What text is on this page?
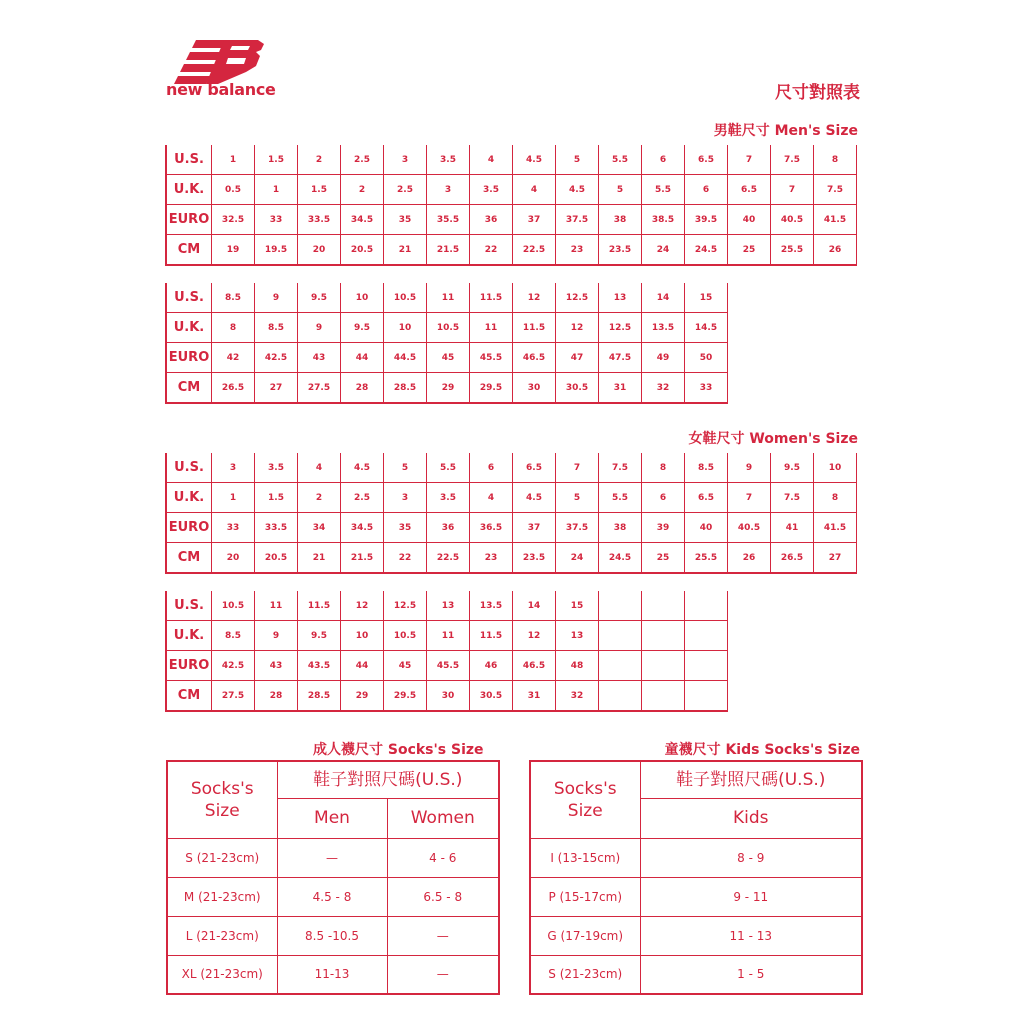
new balance	尺寸對照表
男鞋尺寸 Men's Size
U.S.	1	1.5	2	2.5	3	3.5	4	4.5	5	5.5	6	6.5	7	7.5	8
U.K.	0.5	1	1.5	2	2.5	3	3.5	4	4.5	5	5.5	6	6.5	7	7.5
EURO	32.5	33	33.5	34.5	35	35.5	36	37	37.5	38	38.5	39.5	40	40.5	41.5
CM	19	19.5	20	20.5	21	21.5	22	22.5	23	23.5	24	24.5	25	25.5	26
U.S.	8.5	9	9.5	10	10.5	11	11.5	12	12.5	13	14	15
U.K.	8	8.5	9	9.5	10	10.5	11	11.5	12	12.5	13.5	14.5
EURO	42	42.5	43	44	44.5	45	45.5	46.5	47	47.5	49	50
CM	26.5	27	27.5	28	28.5	29	29.5	30	30.5	31	32	33
女鞋尺寸 Women's Size
U.S.	3	3.5	4	4.5	5	5.5	6	6.5	7	7.5	8	8.5	9	9.5	10
U.K.	1	1.5	2	2.5	3	3.5	4	4.5	5	5.5	6	6.5	7	7.5	8
EURO	33	33.5	34	34.5	35	36	36.5	37	37.5	38	39	40	40.5	41	41.5
CM	20	20.5	21	21.5	22	22.5	23	23.5	24	24.5	25	25.5	26	26.5	27
U.S.	10.5	11	11.5	12	12.5	13	13.5	14	15			
U.K.	8.5	9	9.5	10	10.5	11	11.5	12	13			
EURO	42.5	43	43.5	44	45	45.5	46	46.5	48			
CM	27.5	28	28.5	29	29.5	30	30.5	31	32			
成人襪尺寸 Socks's Size
Socks's
Size	鞋子對照尺碼(U.S.)	
	Men	Women
S (21-23cm)	—	4 - 6
M (21-23cm)	4.5 - 8	6.5 - 8
L (21-23cm)	8.5 -10.5	—
XL (21-23cm)	11-13	—
童襪尺寸 Kids Socks's Size
Socks's
Size	鞋子對照尺碼(U.S.)
	Kids
I (13-15cm)	8 - 9
P (15-17cm)	9 - 11
G (17-19cm)	11 - 13
S (21-23cm)	1 - 5
